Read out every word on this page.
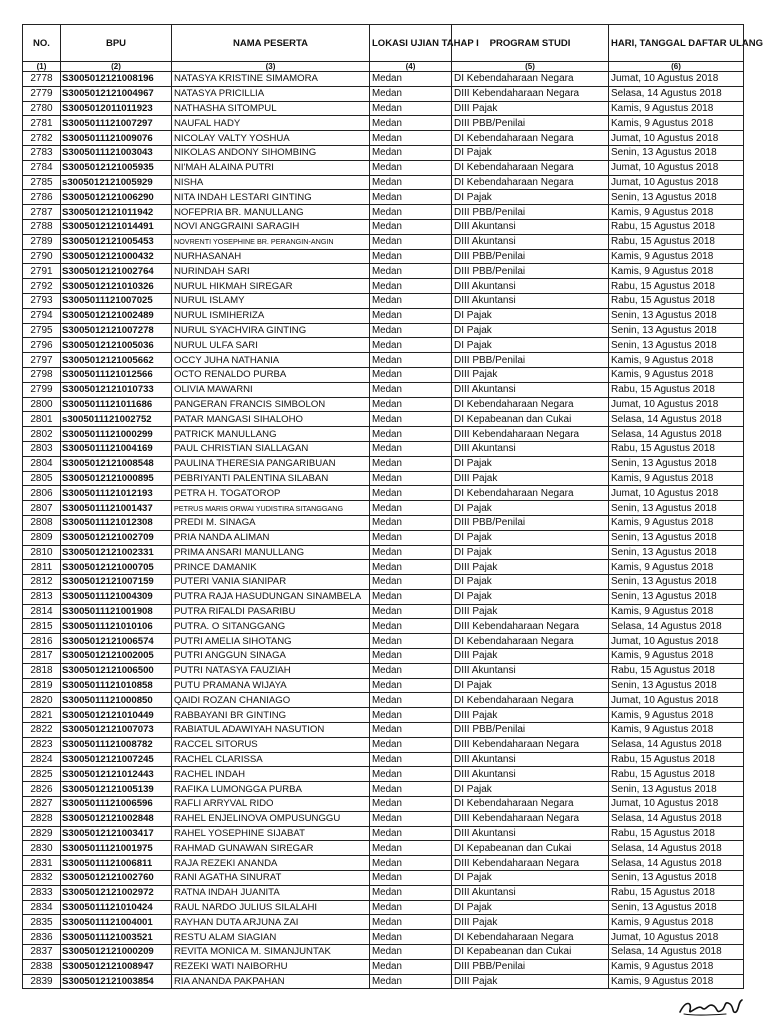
NO.	BPU	NAMA PESERTA	LOKASI UJIAN TAHAP I	PROGRAM STUDI	HARI, TANGGAL DAFTAR ULANG
(1)	(2)	(3)	(4)	(5)	(6)
2778	S3005012121008196	NATASYA KRISTINE SIMAMORA	Medan	DI Kebendaharaan Negara	Jumat, 10 Agustus 2018
2779	S3005012121004967	NATASYA PRICILLIA	Medan	DIII Kebendaharaan Negara	Selasa, 14 Agustus 2018
2780	S3005012011011923	NATHASHA SITOMPUL	Medan	DIII Pajak	Kamis, 9 Agustus 2018
2781	S3005011121007297	NAUFAL HADY	Medan	DIII PBB/Penilai	Kamis, 9 Agustus 2018
2782	S3005011121009076	NICOLAY VALTY YOSHUA	Medan	DI Kebendaharaan Negara	Jumat, 10 Agustus 2018
2783	S3005011121003043	NIKOLAS ANDONY SIHOMBING	Medan	DI Pajak	Senin, 13 Agustus 2018
2784	S3005012121005935	NI'MAH ALAINA PUTRI	Medan	DI Kebendaharaan Negara	Jumat, 10 Agustus 2018
2785	s3005012121005929	NISHA	Medan	DI Kebendaharaan Negara	Jumat, 10 Agustus 2018
2786	S3005012121006290	NITA INDAH LESTARI GINTING	Medan	DI Pajak	Senin, 13 Agustus 2018
2787	S3005012121011942	NOFEPRIA BR. MANULLANG	Medan	DIII PBB/Penilai	Kamis, 9 Agustus 2018
2788	S3005012121014491	NOVI ANGGRAINI SARAGIH	Medan	DIII Akuntansi	Rabu, 15 Agustus 2018
2789	S3005012121005453	NOVRENTI YOSEPHINE BR. PERANGIN-ANGIN	Medan	DIII Akuntansi	Rabu, 15 Agustus 2018
2790	S3005012121000432	NURHASANAH	Medan	DIII PBB/Penilai	Kamis, 9 Agustus 2018
2791	S3005012121002764	NURINDAH SARI	Medan	DIII PBB/Penilai	Kamis, 9 Agustus 2018
2792	S3005012121010326	NURUL HIKMAH SIREGAR	Medan	DIII Akuntansi	Rabu, 15 Agustus 2018
2793	S3005011121007025	NURUL ISLAMY	Medan	DIII Akuntansi	Rabu, 15 Agustus 2018
2794	S3005012121002489	NURUL ISMIHERIZA	Medan	DI Pajak	Senin, 13 Agustus 2018
2795	S3005012121007278	NURUL SYACHVIRA GINTING	Medan	DI Pajak	Senin, 13 Agustus 2018
2796	S3005012121005036	NURUL ULFA SARI	Medan	DI Pajak	Senin, 13 Agustus 2018
2797	S3005012121005662	OCCY JUHA NATHANIA	Medan	DIII PBB/Penilai	Kamis, 9 Agustus 2018
2798	S3005011121012566	OCTO RENALDO PURBA	Medan	DIII Pajak	Kamis, 9 Agustus 2018
2799	S3005012121010733	OLIVIA MAWARNI	Medan	DIII Akuntansi	Rabu, 15 Agustus 2018
2800	S3005011121011686	PANGERAN FRANCIS SIMBOLON	Medan	DI Kebendaharaan Negara	Jumat, 10 Agustus 2018
2801	s3005011121002752	PATAR MANGASI SIHALOHO	Medan	DI Kepabeanan dan Cukai	Selasa, 14 Agustus 2018
2802	S3005011121000299	PATRICK MANULLANG	Medan	DIII Kebendaharaan Negara	Selasa, 14 Agustus 2018
2803	S3005011121004169	PAUL CHRISTIAN SIALLAGAN	Medan	DIII Akuntansi	Rabu, 15 Agustus 2018
2804	S3005012121008548	PAULINA THERESIA PANGARIBUAN	Medan	DI Pajak	Senin, 13 Agustus 2018
2805	S3005012121000895	PEBRIYANTI PALENTINA SILABAN	Medan	DIII Pajak	Kamis, 9 Agustus 2018
2806	S3005011121012193	PETRA H. TOGATOROP	Medan	DI Kebendaharaan Negara	Jumat, 10 Agustus 2018
2807	S3005011121001437	PETRUS MARIS ORWAI YUDISTIRA SITANGGANG	Medan	DI Pajak	Senin, 13 Agustus 2018
2808	S3005011121012308	PREDI M. SINAGA	Medan	DIII PBB/Penilai	Kamis, 9 Agustus 2018
2809	S3005012121002709	PRIA NANDA ALIMAN	Medan	DI Pajak	Senin, 13 Agustus 2018
2810	S3005012121002331	PRIMA ANSARI MANULLANG	Medan	DI Pajak	Senin, 13 Agustus 2018
2811	S3005012121000705	PRINCE DAMANIK	Medan	DIII Pajak	Kamis, 9 Agustus 2018
2812	S3005012121007159	PUTERI VANIA SIANIPAR	Medan	DI Pajak	Senin, 13 Agustus 2018
2813	S3005011121004309	PUTRA RAJA HASUDUNGAN SINAMBELA	Medan	DI Pajak	Senin, 13 Agustus 2018
2814	S3005011121001908	PUTRA RIFALDI PASARIBU	Medan	DIII Pajak	Kamis, 9 Agustus 2018
2815	S3005011121010106	PUTRA. O SITANGGANG	Medan	DIII Kebendaharaan Negara	Selasa, 14 Agustus 2018
2816	S3005012121006574	PUTRI AMELIA SIHOTANG	Medan	DI Kebendaharaan Negara	Jumat, 10 Agustus 2018
2817	S3005012121002005	PUTRI ANGGUN SINAGA	Medan	DIII Pajak	Kamis, 9 Agustus 2018
2818	S3005012121006500	PUTRI NATASYA FAUZIAH	Medan	DIII Akuntansi	Rabu, 15 Agustus 2018
2819	S3005011121010858	PUTU PRAMANA WIJAYA	Medan	DI Pajak	Senin, 13 Agustus 2018
2820	S3005011121000850	QAIDI ROZAN CHANIAGO	Medan	DI Kebendaharaan Negara	Jumat, 10 Agustus 2018
2821	S3005012121010449	RABBAYANI BR GINTING	Medan	DIII Pajak	Kamis, 9 Agustus 2018
2822	S3005012121007073	RABIATUL ADAWIYAH NASUTION	Medan	DIII PBB/Penilai	Kamis, 9 Agustus 2018
2823	S3005011121008782	RACCEL SITORUS	Medan	DIII Kebendaharaan Negara	Selasa, 14 Agustus 2018
2824	S3005012121007245	RACHEL CLARISSA	Medan	DIII Akuntansi	Rabu, 15 Agustus 2018
2825	S3005012121012443	RACHEL INDAH	Medan	DIII Akuntansi	Rabu, 15 Agustus 2018
2826	S3005012121005139	RAFIKA LUMONGGA PURBA	Medan	DI Pajak	Senin, 13 Agustus 2018
2827	S3005011121006596	RAFLI ARRYVAL RIDO	Medan	DI Kebendaharaan Negara	Jumat, 10 Agustus 2018
2828	S3005012121002848	RAHEL ENJELINOVA OMPUSUNGGU	Medan	DIII Kebendaharaan Negara	Selasa, 14 Agustus 2018
2829	S3005012121003417	RAHEL YOSEPHINE SIJABAT	Medan	DIII Akuntansi	Rabu, 15 Agustus 2018
2830	S3005011121001975	RAHMAD GUNAWAN SIREGAR	Medan	DI Kepabeanan dan Cukai	Selasa, 14 Agustus 2018
2831	S3005011121006811	RAJA REZEKI ANANDA	Medan	DIII Kebendaharaan Negara	Selasa, 14 Agustus 2018
2832	S3005012121002760	RANI AGATHA SINURAT	Medan	DI Pajak	Senin, 13 Agustus 2018
2833	S3005012121002972	RATNA INDAH JUANITA	Medan	DIII Akuntansi	Rabu, 15 Agustus 2018
2834	S3005011121010424	RAUL NARDO JULIUS SILALAHI	Medan	DI Pajak	Senin, 13 Agustus 2018
2835	S3005011121004001	RAYHAN DUTA ARJUNA ZAI	Medan	DIII Pajak	Kamis, 9 Agustus 2018
2836	S3005011121003521	RESTU ALAM SIAGIAN	Medan	DI Kebendaharaan Negara	Jumat, 10 Agustus 2018
2837	S3005012121000209	REVITA MONICA M. SIMANJUNTAK	Medan	DI Kepabeanan dan Cukai	Selasa, 14 Agustus 2018
2838	S3005012121008947	REZEKI WATI NAIBORHU	Medan	DIII PBB/Penilai	Kamis, 9 Agustus 2018
2839	S3005012121003854	RIA ANANDA PAKPAHAN	Medan	DIII Pajak	Kamis, 9 Agustus 2018
